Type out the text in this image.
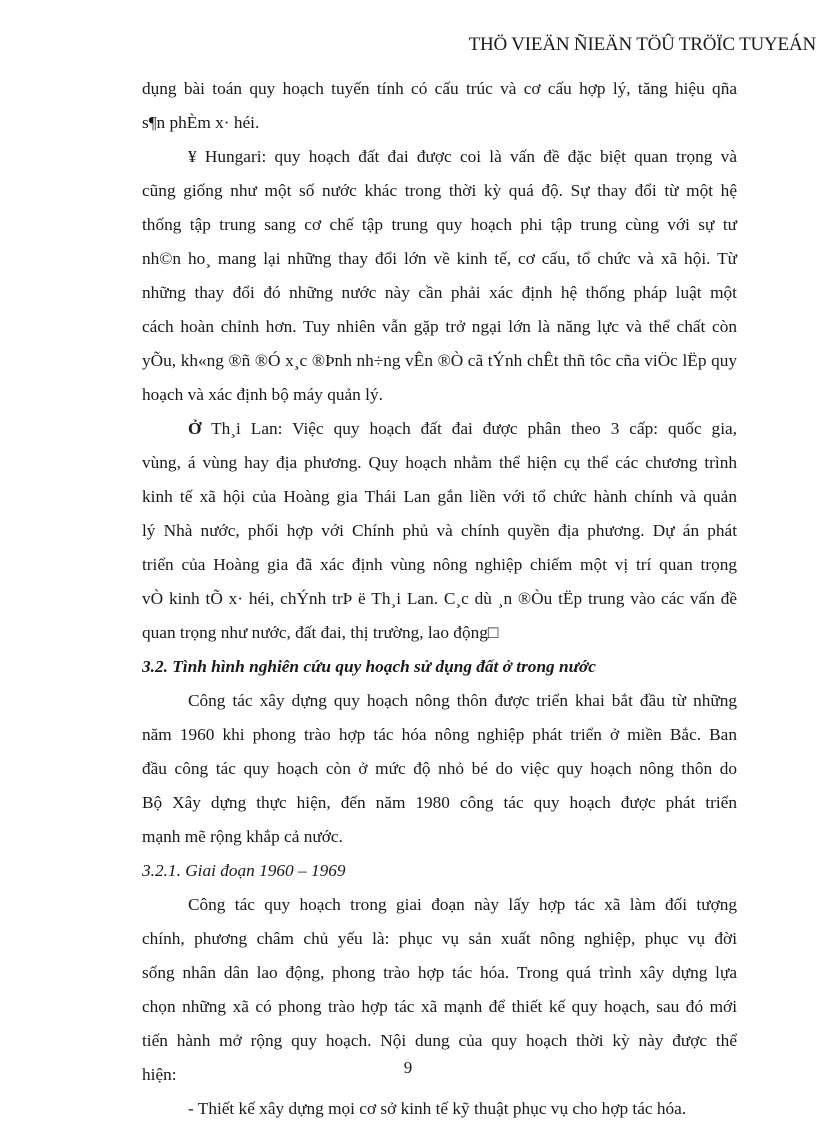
THÖ VIEÄN ÑIEÄN TÖÛ TRÖÏC TUYEÁN
dụng bài toán quy hoạch tuyến tính có cấu trúc và cơ cấu hợp lý, tăng hiệu qña
s¶n phÈm x· héi.
¥ Hungari: quy hoạch đất đai được coi là vấn đề đặc biệt quan trọng và
cũng giống như một số nước khác trong thời kỳ quá độ. Sự thay đổi từ một hệ
thống tập trung sang cơ chế tập trung quy hoạch phi tập trung cùng với sự tư
nh©n ho¸ mang lại những thay đổi lớn về kinh tế, cơ cấu, tổ chức và xã hội. Từ
những thay đổi đó những nước này cần phải xác định hệ thống pháp luật một
cách hoàn chỉnh hơn. Tuy nhiên vẫn gặp trở ngại lớn là năng lực và thể chất còn
yÕu, kh«ng ®ñ ®Ó x¸c ®Þnh nh÷ng vÊn ®Ò cã tÝnh chÊt thñ tôc cña viÖc lËp quy
hoạch và xác định bộ máy quản lý.
Ở Th¸i Lan: Việc quy hoạch đất đai được phân theo 3 cấp: quốc gia,
vùng, á vùng hay địa phương. Quy hoạch nhằm thể hiện cụ thể các chương trình
kinh tế xã hội của Hoàng gia Thái Lan gắn liền với tổ chức hành chính và quản
lý Nhà nước, phối hợp với Chính phủ và chính quyền địa phương. Dự án phát
triển của Hoàng gia đã xác định vùng nông nghiệp chiếm một vị trí quan trọng
vÒ kinh tÕ x· héi, chÝnh trÞ ë Th¸i Lan. C¸c dù ¸n ®Òu tËp trung vào các vấn đề
quan trọng như nước, đất đai, thị trường, lao động□
3.2. Tình hình nghiên cứu quy hoạch sử dụng đất ở trong nước
Công tác xây dựng quy hoạch nông thôn được triển khai bắt đầu từ những
năm 1960 khi phong trào hợp tác hóa nông nghiệp phát triển ở miền Bắc. Ban
đầu công tác quy hoạch còn ở mức độ nhỏ bé do việc quy hoạch nông thôn do
Bộ Xây dựng thực hiện, đến năm 1980 công tác quy hoạch được phát triển
mạnh mẽ rộng khắp cả nước.
3.2.1. Giai đoạn 1960 – 1969
Công tác quy hoạch trong giai đoạn này lấy hợp tác xã làm đối tượng
chính, phương châm chủ yếu là: phục vụ sản xuất nông nghiệp, phục vụ đời
sống nhân dân lao động, phong trào hợp tác hóa. Trong quá trình xây dựng lựa
chọn những xã có phong trào hợp tác xã mạnh để thiết kế quy hoạch, sau đó mới
tiến hành mở rộng quy hoạch. Nội dung của quy hoạch thời kỳ này được thể
hiện:
- Thiết kế xây dựng mọi cơ sở kinh tế kỹ thuật phục vụ cho hợp tác hóa.
9
